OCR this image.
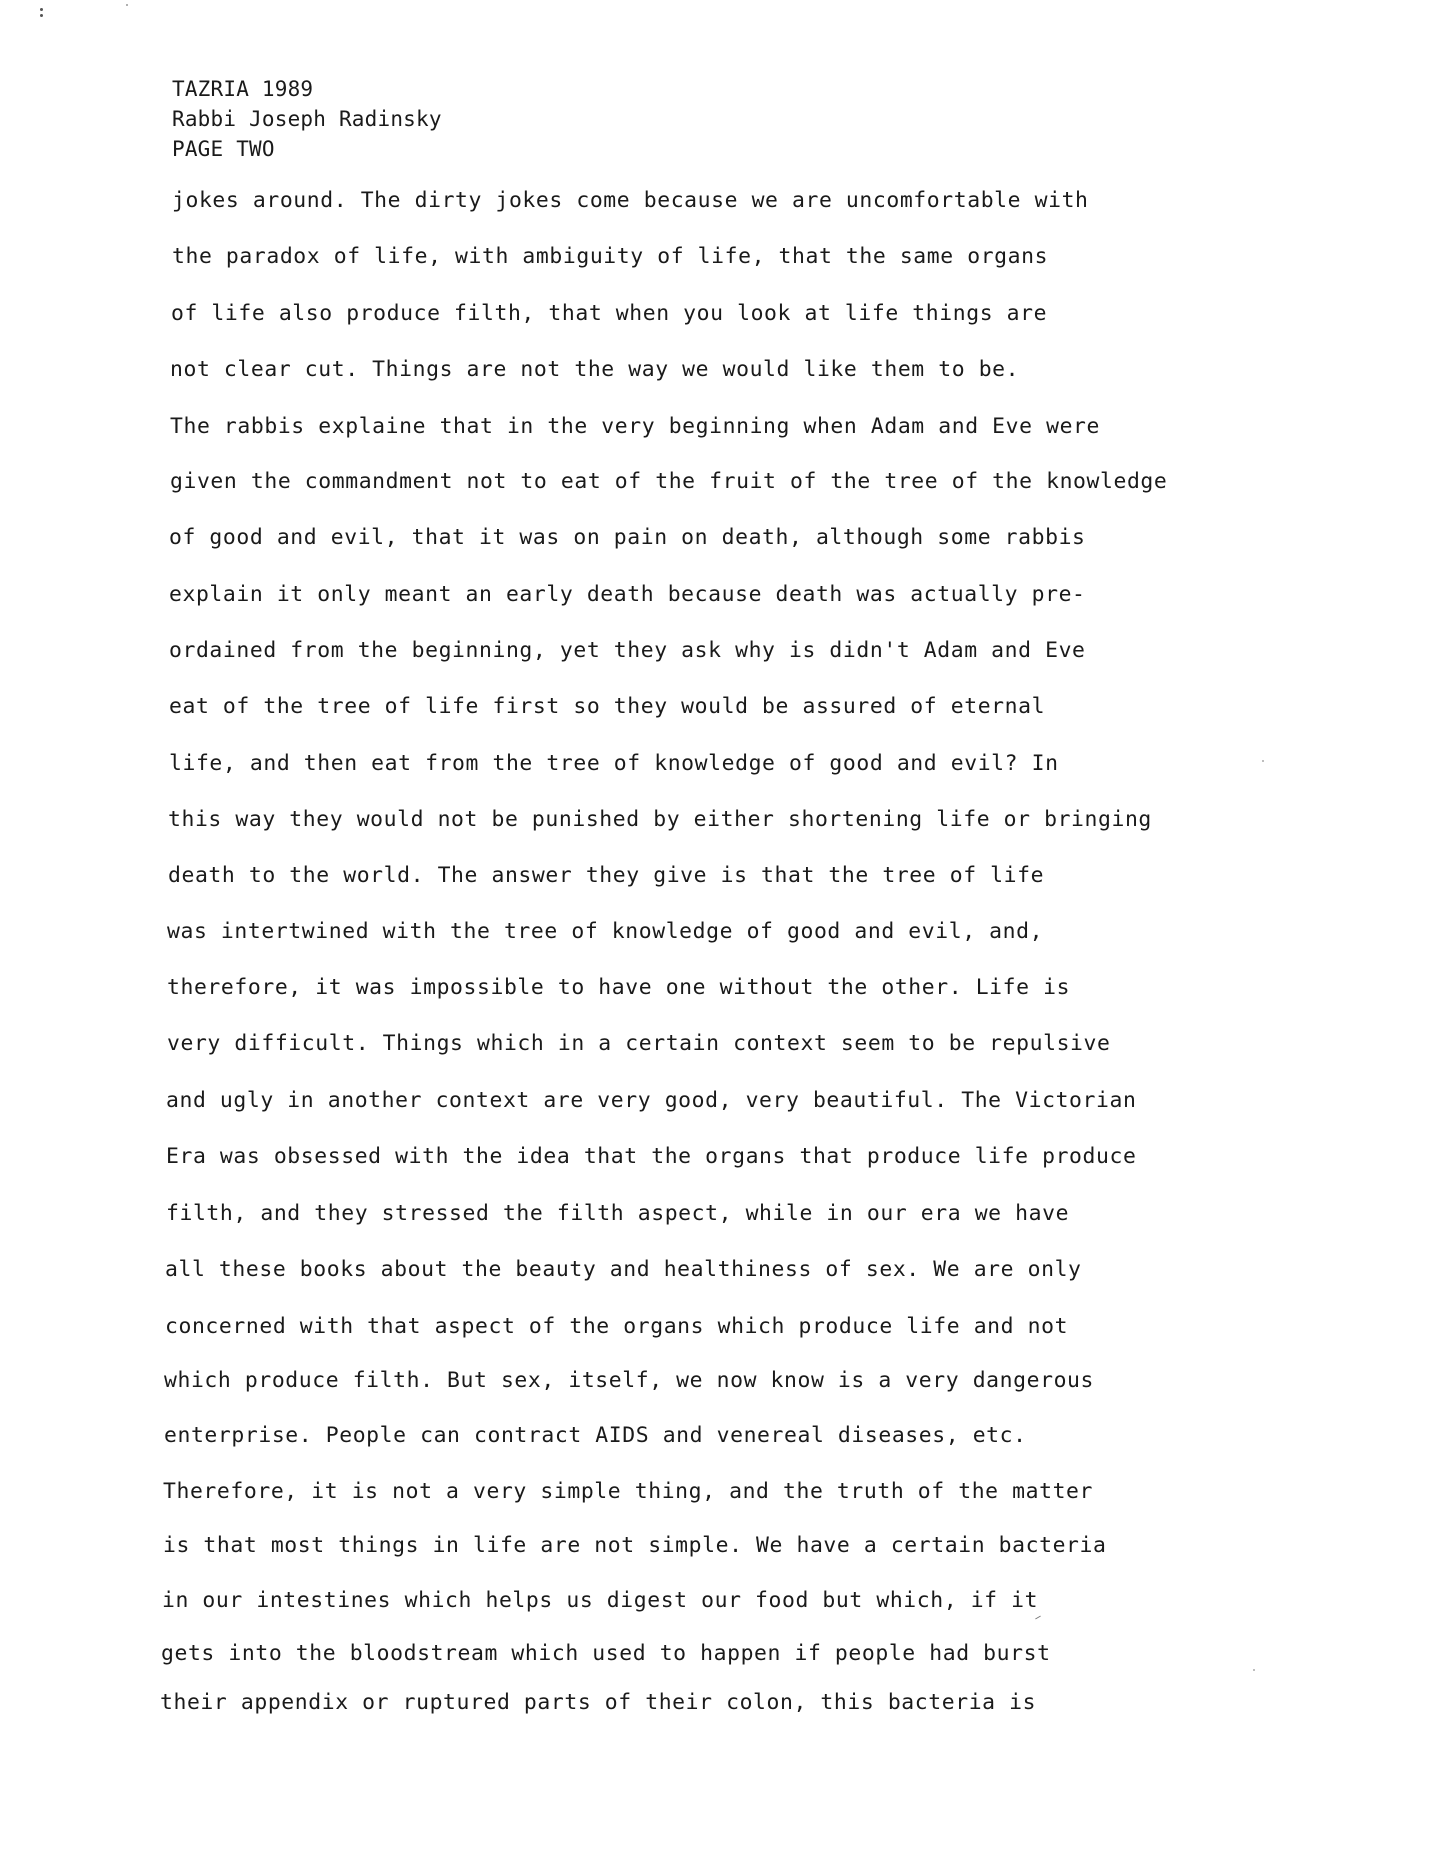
TAZRIA 1989
Rabbi Joseph Radinsky
PAGE TWO
jokes around. The dirty jokes come because we are uncomfortable with
the paradox of life, with ambiguity of life, that the same organs
of life also produce filth, that when you look at life things are
not clear cut. Things are not the way we would like them to be.
The rabbis explaine that in the very beginning when Adam and Eve were
given the commandment not to eat of the fruit of the tree of the knowledge
of good and evil, that it was on pain on death, although some rabbis
explain it only meant an early death because death was actually pre-
ordained from the beginning, yet they ask why is didn't Adam and Eve
eat of the tree of life first so they would be assured of eternal
life, and then eat from the tree of knowledge of good and evil? In
this way they would not be punished by either shortening life or bringing
death to the world. The answer they give is that the tree of life
was intertwined with the tree of knowledge of good and evil, and,
therefore, it was impossible to have one without the other. Life is
very difficult. Things which in a certain context seem to be repulsive
and ugly in another context are very good, very beautiful. The Victorian
Era was obsessed with the idea that the organs that produce life produce
filth, and they stressed the filth aspect, while in our era we have
all these books about the beauty and healthiness of sex. We are only
concerned with that aspect of the organs which produce life and not
which produce filth. But sex, itself, we now know is a very dangerous
enterprise. People can contract AIDS and venereal diseases, etc.
Therefore, it is not a very simple thing, and the truth of the matter
is that most things in life are not simple. We have a certain bacteria
in our intestines which helps us digest our food but which, if it
gets into the bloodstream which used to happen if people had burst
their appendix or ruptured parts of their colon, this bacteria is
